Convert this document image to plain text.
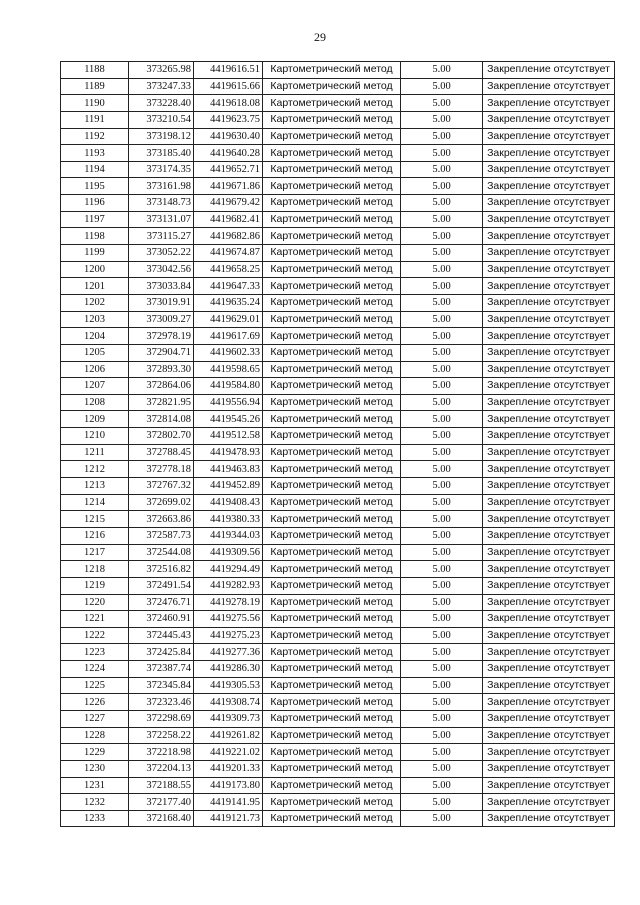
29
1188	373265.98	4419616.51	Картометрический метод	5.00	Закрепление отсутствует
1189	373247.33	4419615.66	Картометрический метод	5.00	Закрепление отсутствует
1190	373228.40	4419618.08	Картометрический метод	5.00	Закрепление отсутствует
1191	373210.54	4419623.75	Картометрический метод	5.00	Закрепление отсутствует
1192	373198.12	4419630.40	Картометрический метод	5.00	Закрепление отсутствует
1193	373185.40	4419640.28	Картометрический метод	5.00	Закрепление отсутствует
1194	373174.35	4419652.71	Картометрический метод	5.00	Закрепление отсутствует
1195	373161.98	4419671.86	Картометрический метод	5.00	Закрепление отсутствует
1196	373148.73	4419679.42	Картометрический метод	5.00	Закрепление отсутствует
1197	373131.07	4419682.41	Картометрический метод	5.00	Закрепление отсутствует
1198	373115.27	4419682.86	Картометрический метод	5.00	Закрепление отсутствует
1199	373052.22	4419674.87	Картометрический метод	5.00	Закрепление отсутствует
1200	373042.56	4419658.25	Картометрический метод	5.00	Закрепление отсутствует
1201	373033.84	4419647.33	Картометрический метод	5.00	Закрепление отсутствует
1202	373019.91	4419635.24	Картометрический метод	5.00	Закрепление отсутствует
1203	373009.27	4419629.01	Картометрический метод	5.00	Закрепление отсутствует
1204	372978.19	4419617.69	Картометрический метод	5.00	Закрепление отсутствует
1205	372904.71	4419602.33	Картометрический метод	5.00	Закрепление отсутствует
1206	372893.30	4419598.65	Картометрический метод	5.00	Закрепление отсутствует
1207	372864.06	4419584.80	Картометрический метод	5.00	Закрепление отсутствует
1208	372821.95	4419556.94	Картометрический метод	5.00	Закрепление отсутствует
1209	372814.08	4419545.26	Картометрический метод	5.00	Закрепление отсутствует
1210	372802.70	4419512.58	Картометрический метод	5.00	Закрепление отсутствует
1211	372788.45	4419478.93	Картометрический метод	5.00	Закрепление отсутствует
1212	372778.18	4419463.83	Картометрический метод	5.00	Закрепление отсутствует
1213	372767.32	4419452.89	Картометрический метод	5.00	Закрепление отсутствует
1214	372699.02	4419408.43	Картометрический метод	5.00	Закрепление отсутствует
1215	372663.86	4419380.33	Картометрический метод	5.00	Закрепление отсутствует
1216	372587.73	4419344.03	Картометрический метод	5.00	Закрепление отсутствует
1217	372544.08	4419309.56	Картометрический метод	5.00	Закрепление отсутствует
1218	372516.82	4419294.49	Картометрический метод	5.00	Закрепление отсутствует
1219	372491.54	4419282.93	Картометрический метод	5.00	Закрепление отсутствует
1220	372476.71	4419278.19	Картометрический метод	5.00	Закрепление отсутствует
1221	372460.91	4419275.56	Картометрический метод	5.00	Закрепление отсутствует
1222	372445.43	4419275.23	Картометрический метод	5.00	Закрепление отсутствует
1223	372425.84	4419277.36	Картометрический метод	5.00	Закрепление отсутствует
1224	372387.74	4419286.30	Картометрический метод	5.00	Закрепление отсутствует
1225	372345.84	4419305.53	Картометрический метод	5.00	Закрепление отсутствует
1226	372323.46	4419308.74	Картометрический метод	5.00	Закрепление отсутствует
1227	372298.69	4419309.73	Картометрический метод	5.00	Закрепление отсутствует
1228	372258.22	4419261.82	Картометрический метод	5.00	Закрепление отсутствует
1229	372218.98	4419221.02	Картометрический метод	5.00	Закрепление отсутствует
1230	372204.13	4419201.33	Картометрический метод	5.00	Закрепление отсутствует
1231	372188.55	4419173.80	Картометрический метод	5.00	Закрепление отсутствует
1232	372177.40	4419141.95	Картометрический метод	5.00	Закрепление отсутствует
1233	372168.40	4419121.73	Картометрический метод	5.00	Закрепление отсутствует
